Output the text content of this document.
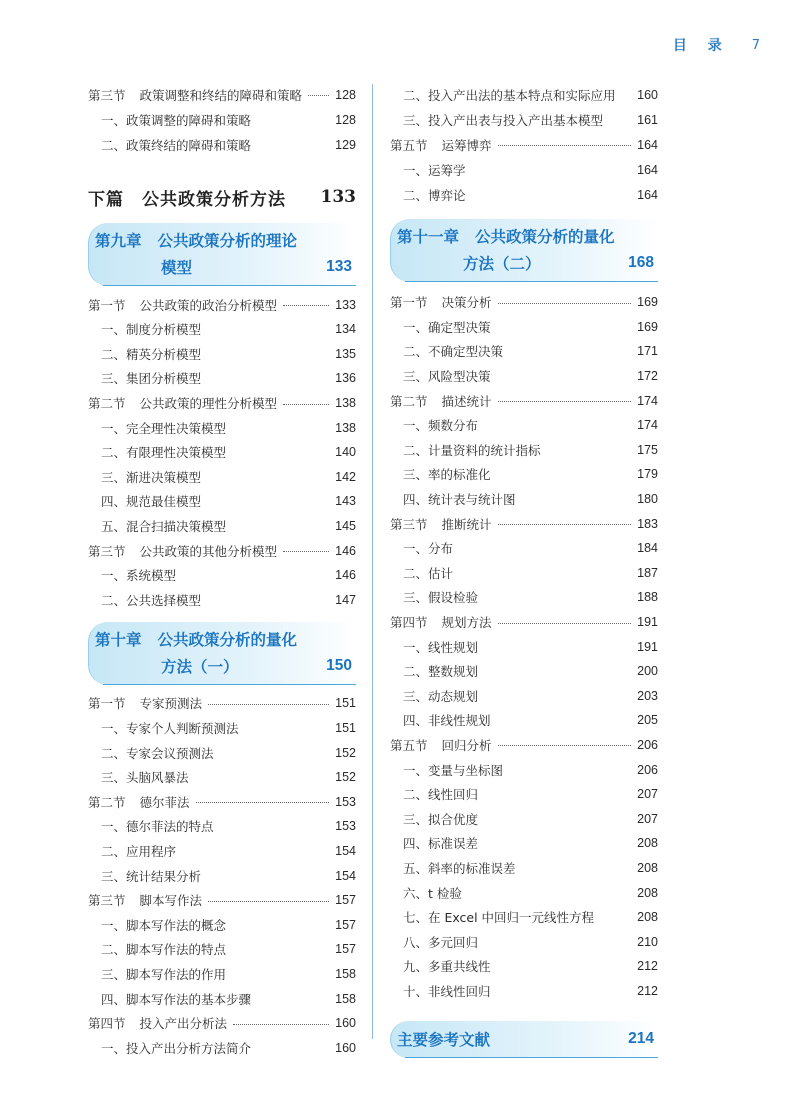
目 录 7
第三节 政策调整和终结的障碍和策略	128
一、政策调整的障碍和策略	128
二、政策终结的障碍和策略	129
下篇　公共政策分析方法 133
第九章 公共政策分析的理论
模型	133
第一节 公共政策的政治分析模型	133
一、制度分析模型	134
二、精英分析模型	135
三、集团分析模型	136
第二节 公共政策的理性分析模型	138
一、完全理性决策模型	138
二、有限理性决策模型	140
三、渐进决策模型	142
四、规范最佳模型	143
五、混合扫描决策模型	145
第三节 公共政策的其他分析模型	146
一、系统模型	146
二、公共选择模型	147
第十章 公共政策分析的量化
方法（一）	150
第一节 专家预测法	151
一、专家个人判断预测法	151
二、专家会议预测法	152
三、头脑风暴法	152
第二节 德尔菲法	153
一、德尔菲法的特点	153
二、应用程序	154
三、统计结果分析	154
第三节 脚本写作法	157
一、脚本写作法的概念	157
二、脚本写作法的特点	157
三、脚本写作法的作用	158
四、脚本写作法的基本步骤	158
第四节 投入产出分析法	160
一、投入产出分析方法简介	160
二、投入产出法的基本特点和实际应用 160
三、投入产出表与投入产出基本模型	161
第五节 运筹博弈	164
一、运筹学	164
二、博弈论	164
第十一章 公共政策分析的量化
方法（二）	168
第一节 决策分析	169
一、确定型决策	169
二、不确定型决策	171
三、风险型决策	172
第二节 描述统计	174
一、频数分布	174
二、计量资料的统计指标	175
三、率的标准化	179
四、统计表与统计图	180
第三节 推断统计	183
一、分布	184
二、估计	187
三、假设检验	188
第四节 规划方法	191
一、线性规划	191
二、整数规划	200
三、动态规划	203
四、非线性规划	205
第五节 回归分析	206
一、变量与坐标图	206
二、线性回归	207
三、拟合优度	207
四、标准误差	208
五、斜率的标准误差	208
六、t 检验	208
七、在 Excel 中回归一元线性方程	208
八、多元回归	210
九、多重共线性	212
十、非线性回归	212
主要参考文献	214
